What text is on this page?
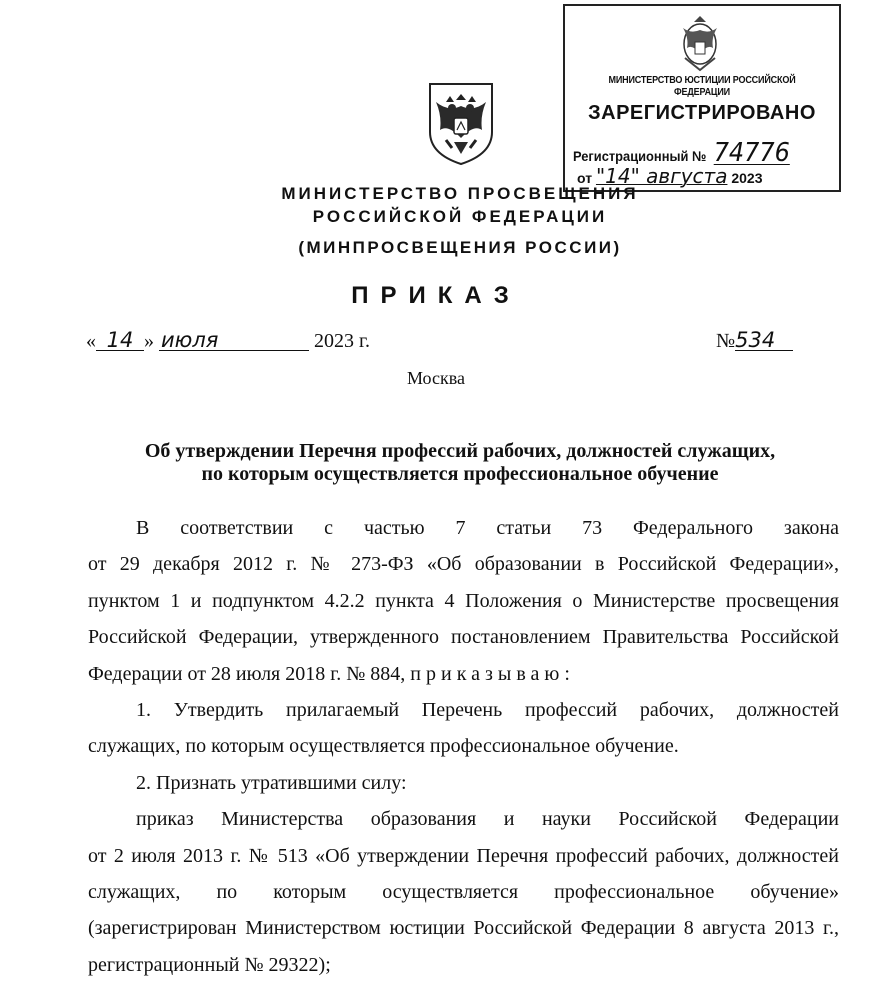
МИНИСТЕРСТВО ЮСТИЦИИ РОССИЙСКОЙ ФЕДЕРАЦИИ
ЗАРЕГИСТРИРОВАНО
Регистрационный № 74776
от "14" августа 2023
МИНИСТЕРСТВО ПРОСВЕЩЕНИЯ
РОССИЙСКОЙ ФЕДЕРАЦИИ
(МИНПРОСВЕЩЕНИЯ РОССИИ)
ПРИКАЗ
« 14 » июля	2023 г.	№534
Москва
Об утверждении Перечня профессий рабочих, должностей служащих,
по которым осуществляется профессиональное обучение

В соответствии с частью 7 статьи 73 Федерального закона
от 29 декабря 2012 г. № 273-ФЗ «Об образовании в Российской Федерации»,
пунктом 1 и подпунктом 4.2.2 пункта 4 Положения о Министерстве просвещения
Российской Федерации, утвержденного постановлением Правительства Российской
Федерации от 28 июля 2018 г. № 884, приказываю:

1. Утвердить прилагаемый Перечень профессий рабочих, должностей
служащих, по которым осуществляется профессиональное обучение.

2. Признать утратившими силу:

приказ Министерства образования и науки Российской Федерации
от 2 июля 2013 г. № 513 «Об утверждении Перечня профессий рабочих, должностей
служащих, по которым осуществляется профессиональное обучение»
(зарегистрирован Министерством юстиции Российской Федерации 8 августа 2013 г.,
регистрационный № 29322);
